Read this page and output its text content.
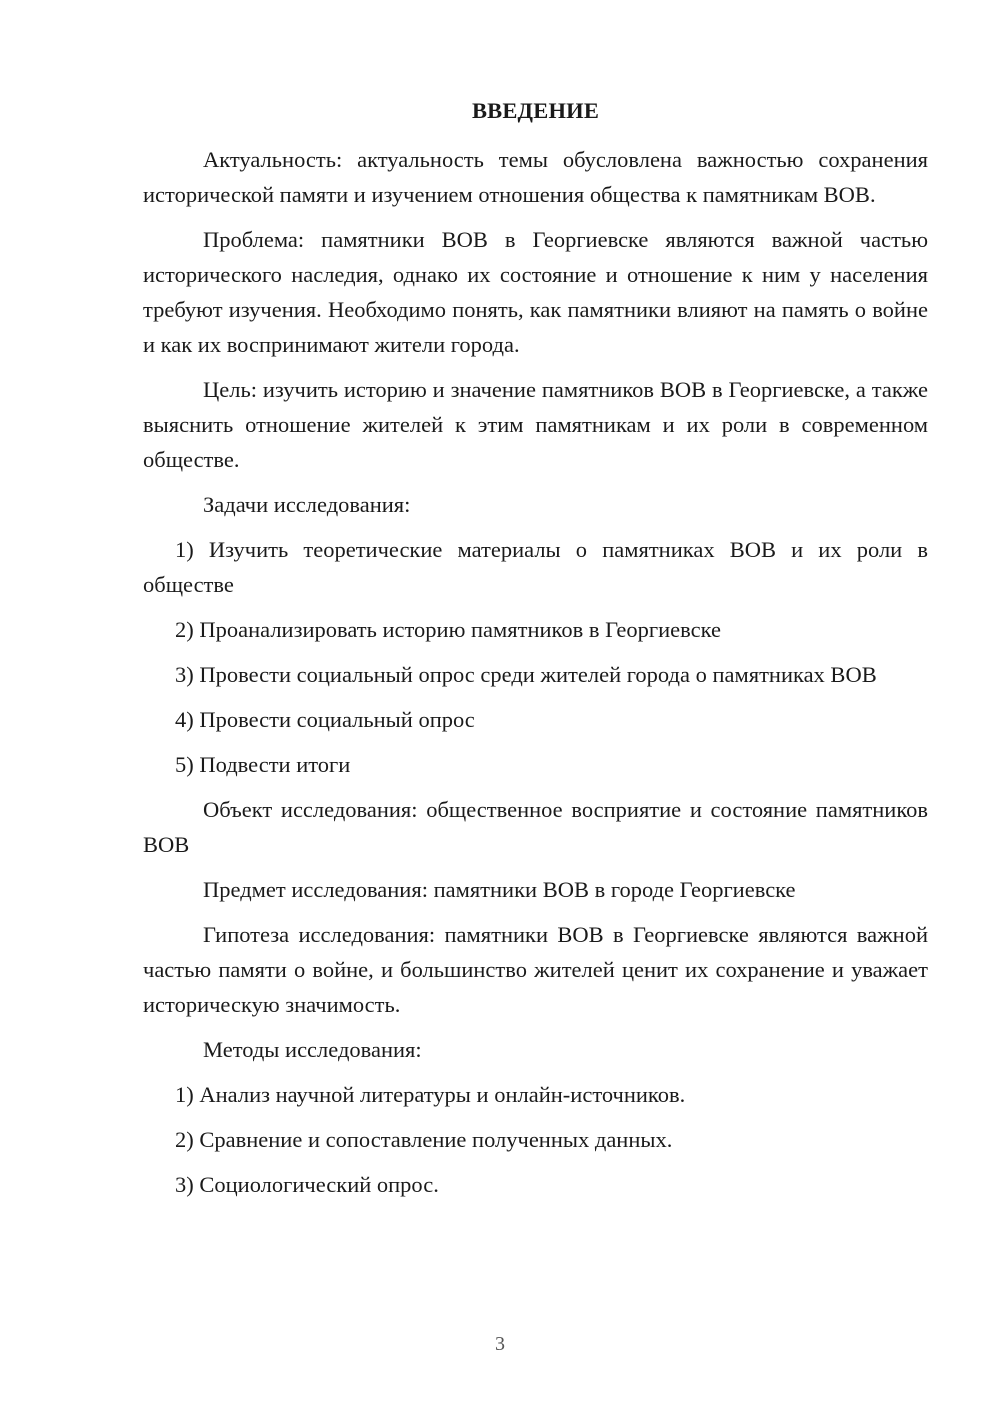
ВВЕДЕНИЕ

Актуальность: актуальность темы обусловлена важностью сохранения исторической памяти и изучением отношения общества к памятникам ВОВ.

Проблема: памятники ВОВ в Георгиевске являются важной частью исторического наследия, однако их состояние и отношение к ним у населения требуют изучения. Необходимо понять, как памятники влияют на память о войне и как их воспринимают жители города.

Цель: изучить историю и значение памятников ВОВ в Георгиевске, а также выяснить отношение жителей к этим памятникам и их роли в современном обществе.

Задачи исследования:

1) Изучить теоретические материалы о памятниках ВОВ и их роли в обществе

2) Проанализировать историю памятников в Георгиевске

3) Провести социальный опрос среди жителей города о памятниках ВОВ

4) Провести социальный опрос

5) Подвести итоги

Объект исследования: общественное восприятие и состояние памятников ВОВ

Предмет исследования: памятники ВОВ в городе Георгиевске

Гипотеза исследования: памятники ВОВ в Георгиевске являются важной частью памяти о войне, и большинство жителей ценит их сохранение и уважает историческую значимость.

Методы исследования:

1) Анализ научной литературы и онлайн-источников.

2) Сравнение и сопоставление полученных данных.

3) Социологический опрос.

3
